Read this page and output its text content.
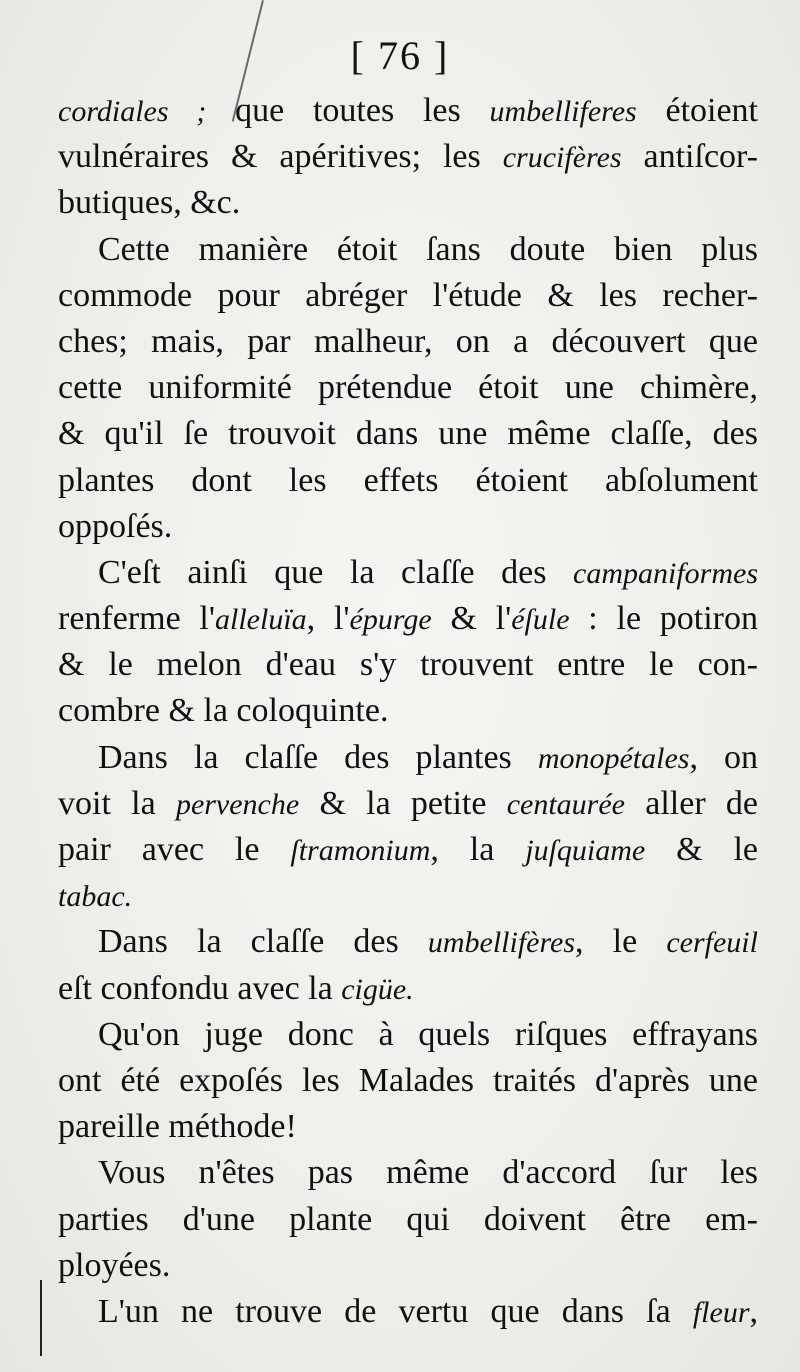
[ 76 ]
cordiales ; que toutes les umbelliferes étoient
vulnéraires & apéritives; les crucifères antiſcor-
butiques, &c.
Cette manière étoit ſans doute bien plus
commode pour abréger l'étude & les recher-
ches; mais, par malheur, on a découvert que
cette uniformité prétendue étoit une chimère,
& qu'il ſe trouvoit dans une même claſſe, des
plantes dont les effets étoient abſolument
oppoſés.
C'eſt ainſi que la claſſe des campaniformes
renferme l'alleluïa, l'épurge & l'éſule : le potiron
& le melon d'eau s'y trouvent entre le con-
combre & la coloquinte.
Dans la claſſe des plantes monopétales, on
voit la pervenche & la petite centaurée aller de
pair avec le ſtramonium, la juſquiame & le
tabac.
Dans la claſſe des umbellifères, le cerfeuil
eſt confondu avec la cigüe.
Qu'on juge donc à quels riſques effrayans
ont été expoſés les Malades traités d'après une
pareille méthode!
Vous n'êtes pas même d'accord ſur les
parties d'une plante qui doivent être em-
ployées.
L'un ne trouve de vertu que dans ſa fleur,
